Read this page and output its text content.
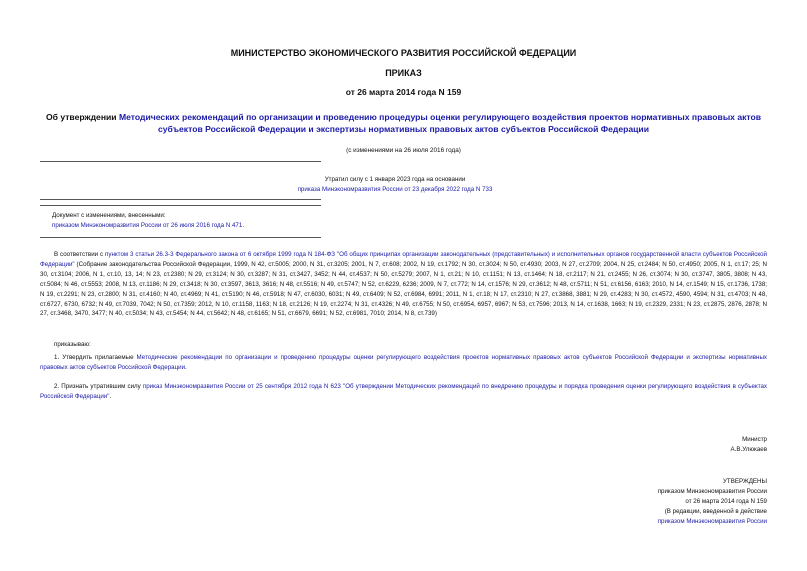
МИНИСТЕРСТВО ЭКОНОМИЧЕСКОГО РАЗВИТИЯ РОССИЙСКОЙ ФЕДЕРАЦИИ
ПРИКАЗ
от 26 марта 2014 года N 159
Об утверждении Методических рекомендаций по организации и проведению процедуры оценки регулирующего воздействия проектов нормативных правовых актов субъектов Российской Федерации и экспертизы нормативных правовых актов субъектов Российской Федерации
(с изменениями на 26 июля 2016 года)
Утратил силу с 1 января 2023 года на основании
приказа Минэкономразвития России от 23 декабря 2022 года N 733
Документ с изменениями, внесенными:
приказом Минэкономразвития России от 26 июля 2016 года N 471.
В соответствии с пунктом 3 статьи 26.3-3 Федерального закона от 6 октября 1999 года N 184-ФЗ "Об общих принципах организации законодательных (представительных) и исполнительных органов государственной власти субъектов Российской Федерации" (Собрание законодательства Российской Федерации, 1999, N 42, ст.5005; 2000, N 31, ст.3205; 2001, N 7, ст.608; 2002, N 19, ст.1792; N 30, ст.3024; N 50, ст.4930; 2003, N 27, ст.2709; 2004, N 25, ст.2484; N 50, ст.4950; 2005, N 1, ст.17; 25; N 30, ст.3104; 2006, N 1, ст.10, 13, 14; N 23, ст.2380; N 29, ст.3124; N 30, ст.3287; N 31, ст.3427, 3452; N 44, ст.4537; N 50, ст.5279; 2007, N 1, ст.21; N 10, ст.1151; N 13, ст.1464; N 18, ст.2117; N 21, ст.2455; N 26, ст.3074; N 30, ст.3747, 3805, 3808; N 43, ст.5084; N 46, ст.5553; 2008, N 13, ст.1186; N 29, ст.3418; N 30, ст.3597, 3613, 3616; N 48, ст.5516; N 49, ст.5747; N 52, ст.6229, 6236; 2009, N 7, ст.772; N 14, ст.1576; N 29, ст.3612; N 48, ст.5711; N 51, ст.6156, 6163; 2010, N 14, ст.1549; N 15, ст.1736, 1738; N 19, ст.2291; N 23, ст.2800; N 31, ст.4160; N 40, ст.4969; N 41, ст.5190; N 46, ст.5918; N 47, ст.6030, 6031; N 49, ст.6409; N 52, ст.6984, 6991; 2011, N 1, ст.18; N 17, ст.2310; N 27, ст.3868, 3881; N 29, ст.4283; N 30, ст.4572, 4590, 4594; N 31, ст.4703; N 48, ст.6727, 6730, 6732; N 49, ст.7039, 7042; N 50, ст.7359; 2012, N 10, ст.1158, 1163; N 18, ст.2126; N 19, ст.2274; N 31, ст.4326; N 49, ст.6755; N 50, ст.6954, 6957, 6967; N 53, ст.7596; 2013, N 14, ст.1638, 1663; N 19, ст.2329, 2331; N 23, ст.2875, 2876, 2878; N 27, ст.3468, 3470, 3477; N 40, ст.5034; N 43, ст.5454; N 44, ст.5642; N 48, ст.6165; N 51, ст.6679, 6691; N 52, ст.6981, 7010; 2014, N 8, ст.739)
приказываю:
1. Утвердить прилагаемые Методические рекомендации по организации и проведению процедуры оценки регулирующего воздействия проектов нормативных правовых актов субъектов Российской Федерации и экспертизы нормативных правовых актов субъектов Российской Федерации.
2. Признать утратившим силу приказ Минэкономразвития России от 25 сентября 2012 года N 623 "Об утверждении Методических рекомендаций по внедрению процедуры и порядка проведения оценки регулирующего воздействия в субъектах Российской Федерации".
Министр
А.В.Улюкаев
УТВЕРЖДЕНЫ
приказом Минэкономразвития России
от 26 марта 2014 года N 159
(В редакции, введенной в действие
приказом Минэкономразвития России
